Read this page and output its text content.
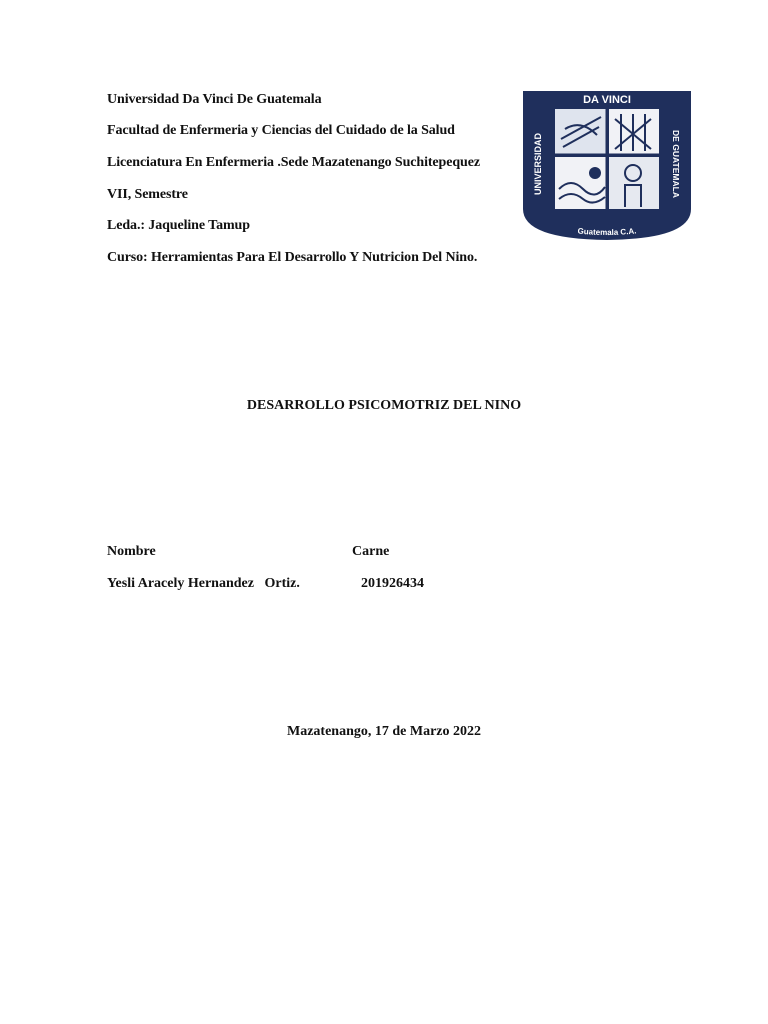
Universidad Da Vinci De Guatemala
Facultad de Enfermeria y Ciencias del Cuidado de la Salud
Licenciatura En Enfermeria .Sede Mazatenango Suchitepequez
VII, Semestre
Leda.: Jaqueline Tamup
Curso: Herramientas Para El Desarrollo Y Nutricion Del Nino.
DA VINCI
UNIVERSIDAD	DE GUATEMALA
Guatemala C.A.
DESARROLLO PSICOMOTRIZ DEL NINO
Nombre	Carne
Yesli Aracely Hernandez   Ortiz.	201926434
Mazatenango, 17 de Marzo 2022
